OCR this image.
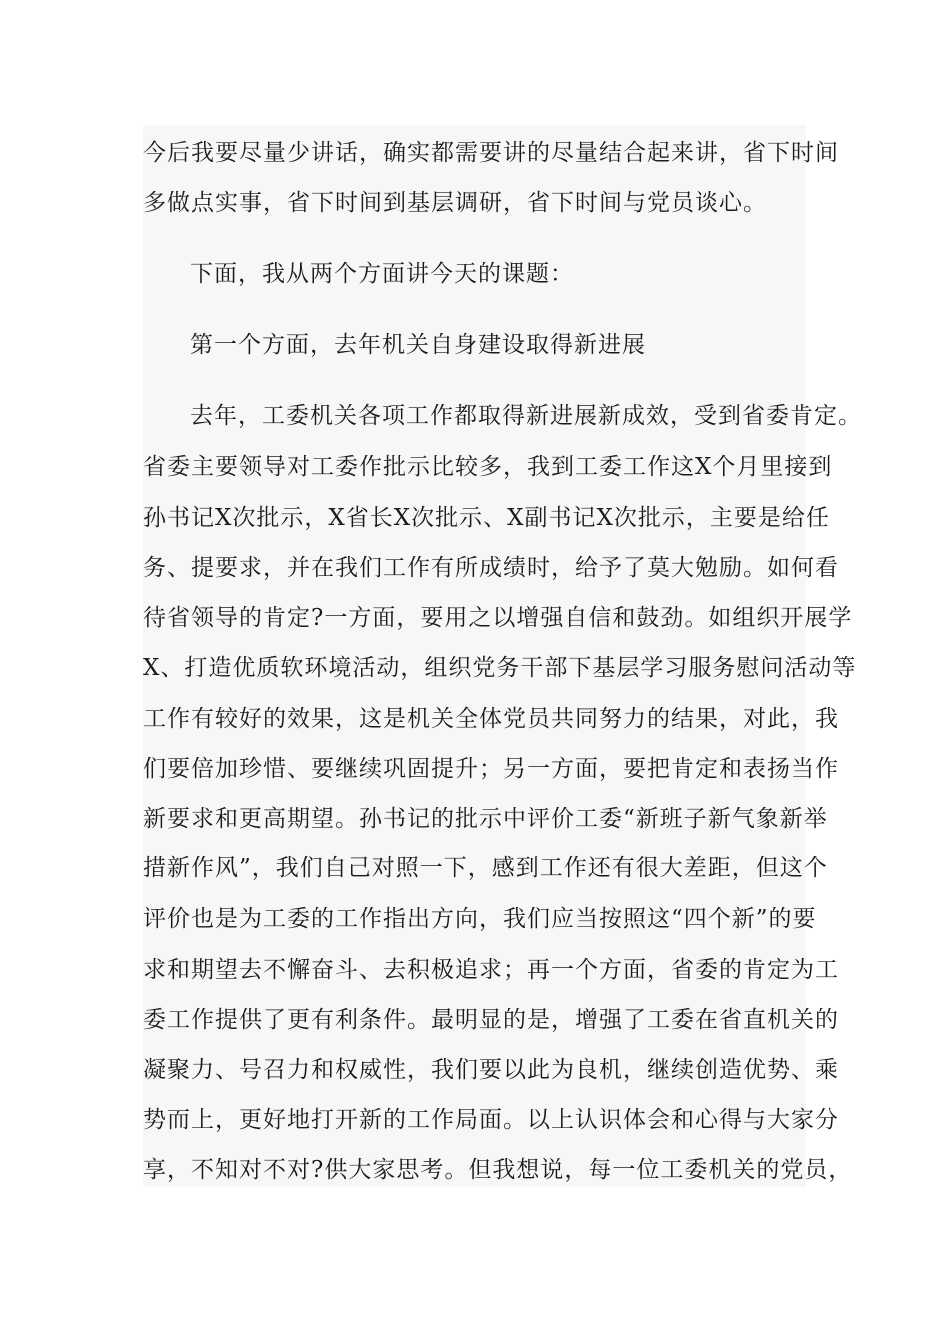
今后我要尽量少讲话，确实都需要讲的尽量结合起来讲，省下时间
多做点实事，省下时间到基层调研，省下时间与党员谈心。
下面，我从两个方面讲今天的课题：
第一个方面，去年机关自身建设取得新进展
去年，工委机关各项工作都取得新进展新成效，受到省委肯定。
省委主要领导对工委作批示比较多，我到工委工作这X个月里接到
孙书记X次批示，X省长X次批示、X副书记X次批示，主要是给任
务、提要求，并在我们工作有所成绩时，给予了莫大勉励。如何看
待省领导的肯定?一方面，要用之以增强自信和鼓劲。如组织开展学
X、打造优质软环境活动，组织党务干部下基层学习服务慰问活动等
工作有较好的效果，这是机关全体党员共同努力的结果，对此，我
们要倍加珍惜、要继续巩固提升；另一方面，要把肯定和表扬当作
新要求和更高期望。孙书记的批示中评价工委“新班子新气象新举
措新作风”，我们自己对照一下，感到工作还有很大差距，但这个
评价也是为工委的工作指出方向，我们应当按照这“四个新”的要
求和期望去不懈奋斗、去积极追求；再一个方面，省委的肯定为工
委工作提供了更有利条件。最明显的是，增强了工委在省直机关的
凝聚力、号召力和权威性，我们要以此为良机，继续创造优势、乘
势而上，更好地打开新的工作局面。以上认识体会和心得与大家分
享，不知对不对?供大家思考。但我想说，每一位工委机关的党员，
